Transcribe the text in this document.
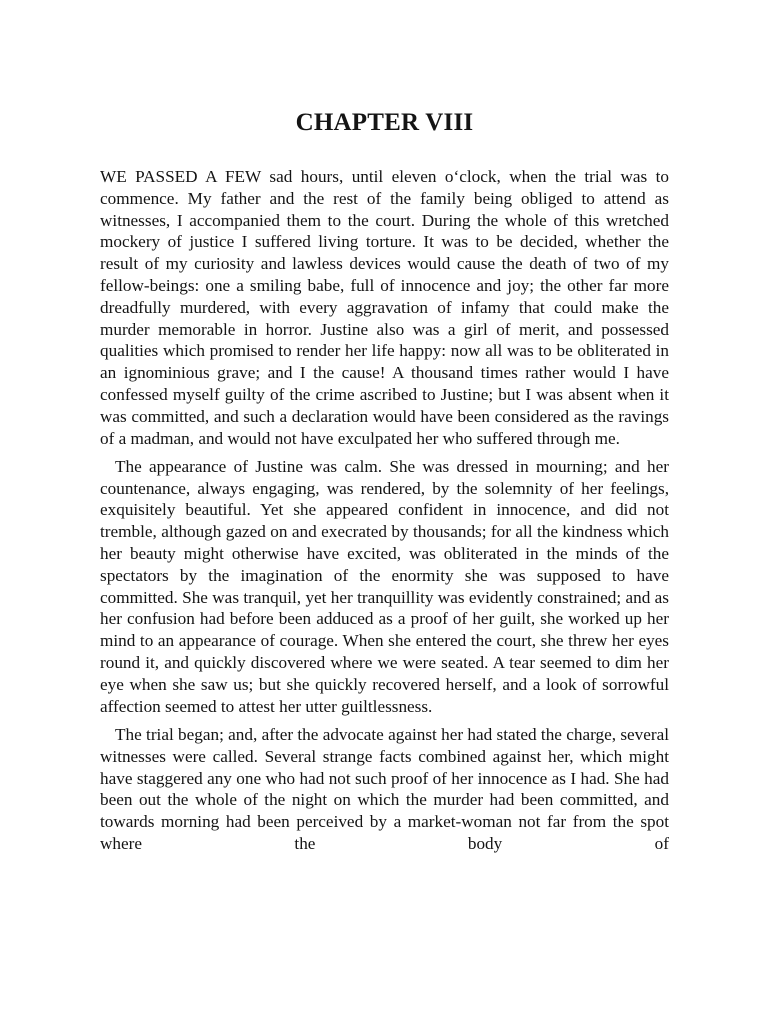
CHAPTER VIII

WE PASSED A FEW sad hours, until eleven o‘clock, when the trial was to commence. My father and the rest of the family being obliged to attend as witnesses, I accompanied them to the court. During the whole of this wretched mockery of justice I suffered living torture. It was to be decided, whether the result of my curiosity and lawless devices would cause the death of two of my fellow-beings: one a smiling babe, full of innocence and joy; the other far more dreadfully murdered, with every aggravation of infamy that could make the murder memorable in horror. Justine also was a girl of merit, and possessed qualities which promised to render her life happy: now all was to be obliterated in an ignominious grave; and I the cause! A thousand times rather would I have confessed myself guilty of the crime ascribed to Justine; but I was absent when it was committed, and such a declaration would have been considered as the ravings of a madman, and would not have exculpated her who suffered through me.

The appearance of Justine was calm. She was dressed in mourning; and her countenance, always engaging, was rendered, by the solemnity of her feelings, exquisitely beautiful. Yet she appeared confident in innocence, and did not tremble, although gazed on and execrated by thousands; for all the kindness which her beauty might otherwise have excited, was obliterated in the minds of the spectators by the imagination of the enormity she was supposed to have committed. She was tranquil, yet her tranquillity was evidently constrained; and as her confusion had before been adduced as a proof of her guilt, she worked up her mind to an appearance of courage. When she entered the court, she threw her eyes round it, and quickly discovered where we were seated. A tear seemed to dim her eye when she saw us; but she quickly recovered herself, and a look of sorrowful affection seemed to attest her utter guiltlessness.

The trial began; and, after the advocate against her had stated the charge, several witnesses were called. Several strange facts combined against her, which might have staggered any one who had not such proof of her innocence as I had. She had been out the whole of the night on which the murder had been committed, and towards morning had been perceived by a market-woman not far from the spot where the body of
